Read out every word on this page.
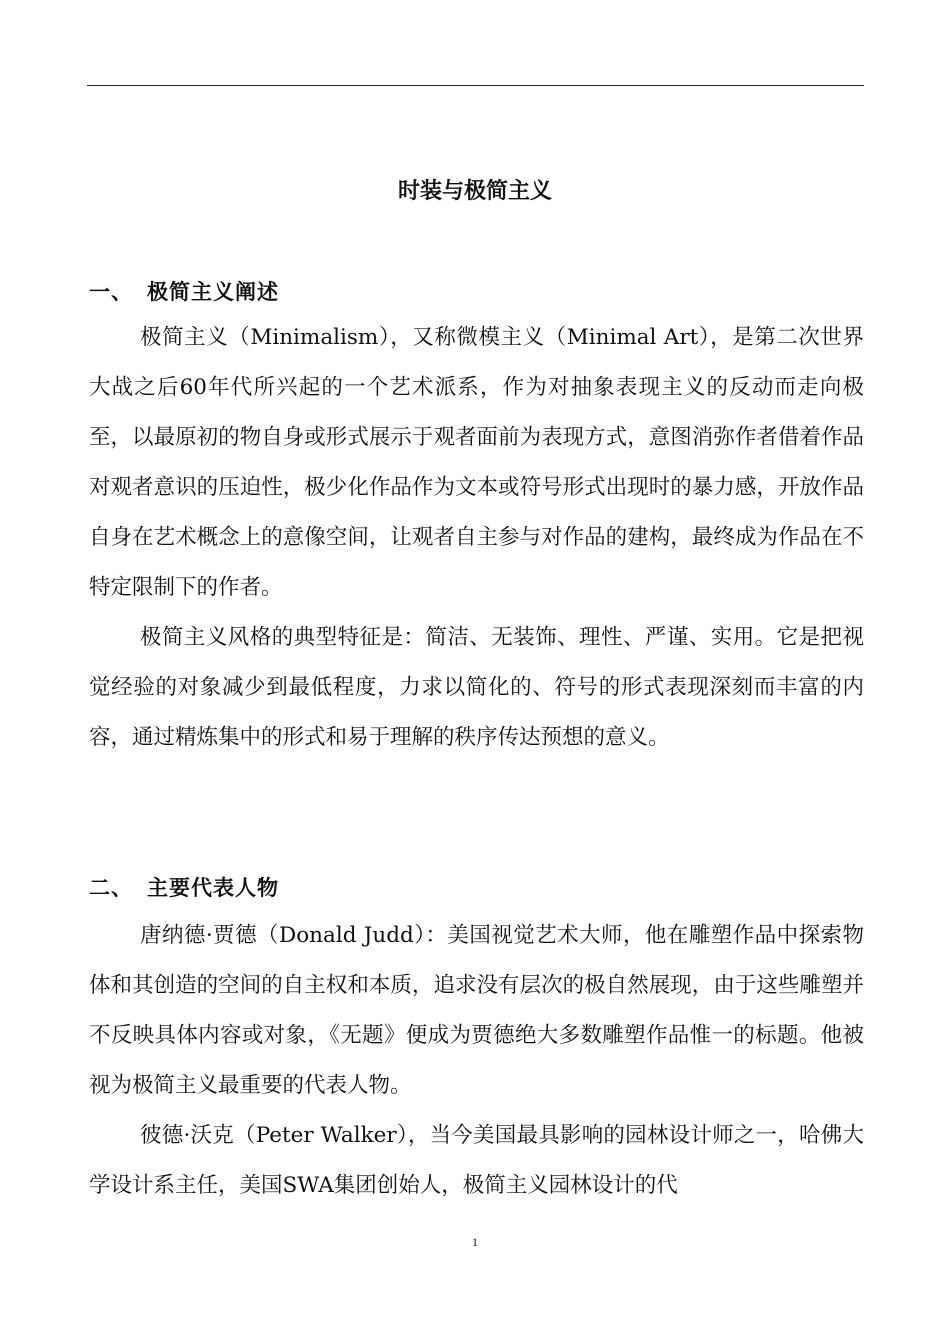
时装与极简主义
一、 极简主义阐述

极简主义（Minimalism），又称微模主义（Minimal Art），是第二次世界大战之后60年代所兴起的一个艺术派系，作为对抽象表现主义的反动而走向极至，以最原初的物自身或形式展示于观者面前为表现方式，意图消弥作者借着作品对观者意识的压迫性，极少化作品作为文本或符号形式出现时的暴力感，开放作品自身在艺术概念上的意像空间，让观者自主参与对作品的建构，最终成为作品在不特定限制下的作者。

极简主义风格的典型特征是：简洁、无装饰、理性、严谨、实用。它是把视觉经验的对象减少到最低程度，力求以简化的、符号的形式表现深刻而丰富的内容，通过精炼集中的形式和易于理解的秩序传达预想的意义。

二、 主要代表人物

唐纳德·贾德（Donald Judd）：美国视觉艺术大师，他在雕塑作品中探索物体和其创造的空间的自主权和本质，追求没有层次的极自然展现，由于这些雕塑并不反映具体内容或对象，《无题》便成为贾德绝大多数雕塑作品惟一的标题。他被视为极简主义最重要的代表人物。

彼德·沃克（Peter Walker），当今美国最具影响的园林设计师之一，哈佛大学设计系主任，美国SWA集团创始人，极简主义园林设计的代

1
